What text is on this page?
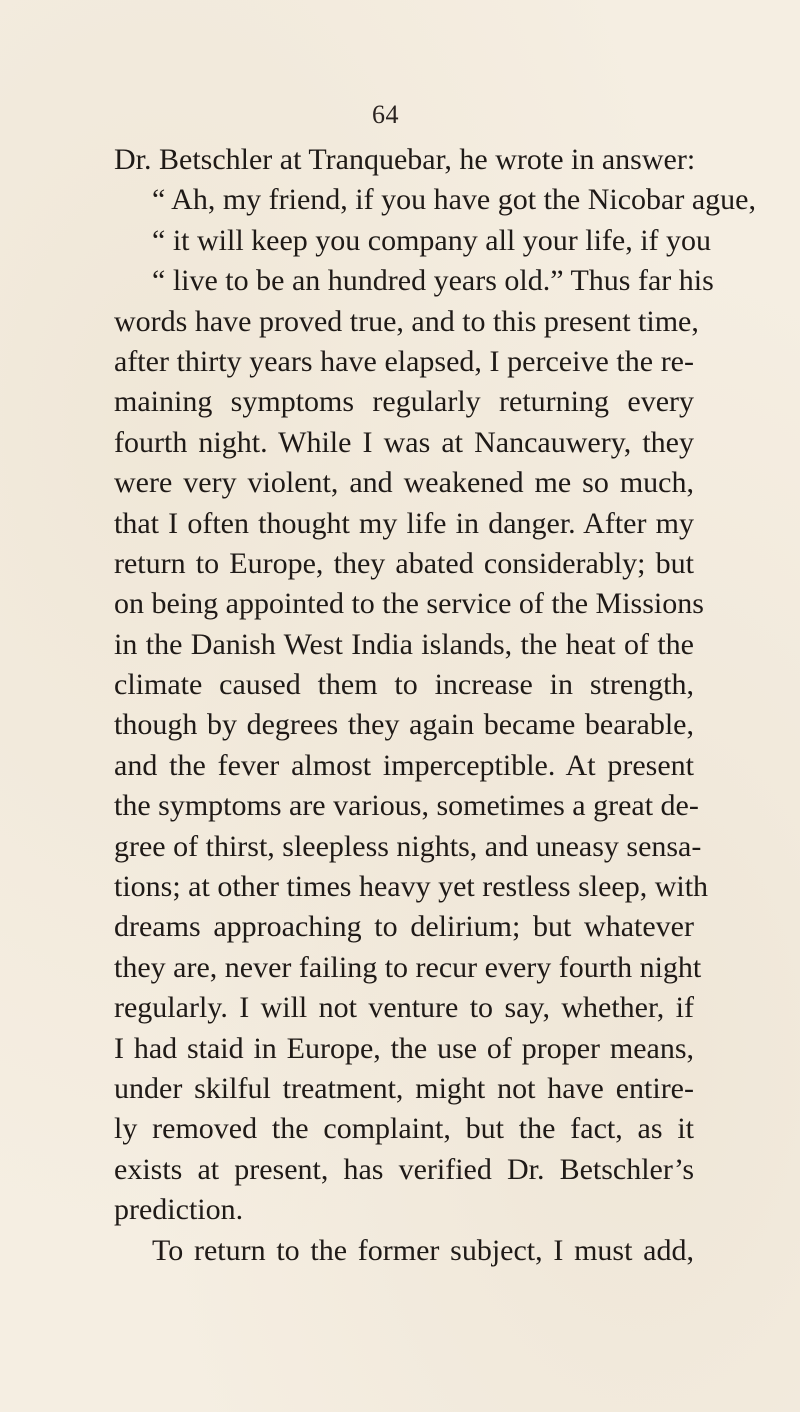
64
Dr. Betschler at Tranquebar, he wrote in answer:
“ Ah, my friend, if you have got the Nicobar ague,
“ it will keep you company all your life, if you
“ live to be an hundred years old.” Thus far his
words have proved true, and to this present time,
after thirty years have elapsed, I perceive the re-
maining symptoms regularly returning every
fourth night. While I was at Nancauwery, they
were very violent, and weakened me so much,
that I often thought my life in danger. After my
return to Europe, they abated considerably; but
on being appointed to the service of the Missions
in the Danish West India islands, the heat of the
climate caused them to increase in strength,
though by degrees they again became bearable,
and the fever almost imperceptible. At present
the symptoms are various, sometimes a great de-
gree of thirst, sleepless nights, and uneasy sensa-
tions; at other times heavy yet restless sleep, with
dreams approaching to delirium; but whatever
they are, never failing to recur every fourth night
regularly. I will not venture to say, whether, if
I had staid in Europe, the use of proper means,
under skilful treatment, might not have entire-
ly removed the complaint, but the fact, as it
exists at present, has verified Dr. Betschler’s
prediction.
To return to the former subject, I must add,
